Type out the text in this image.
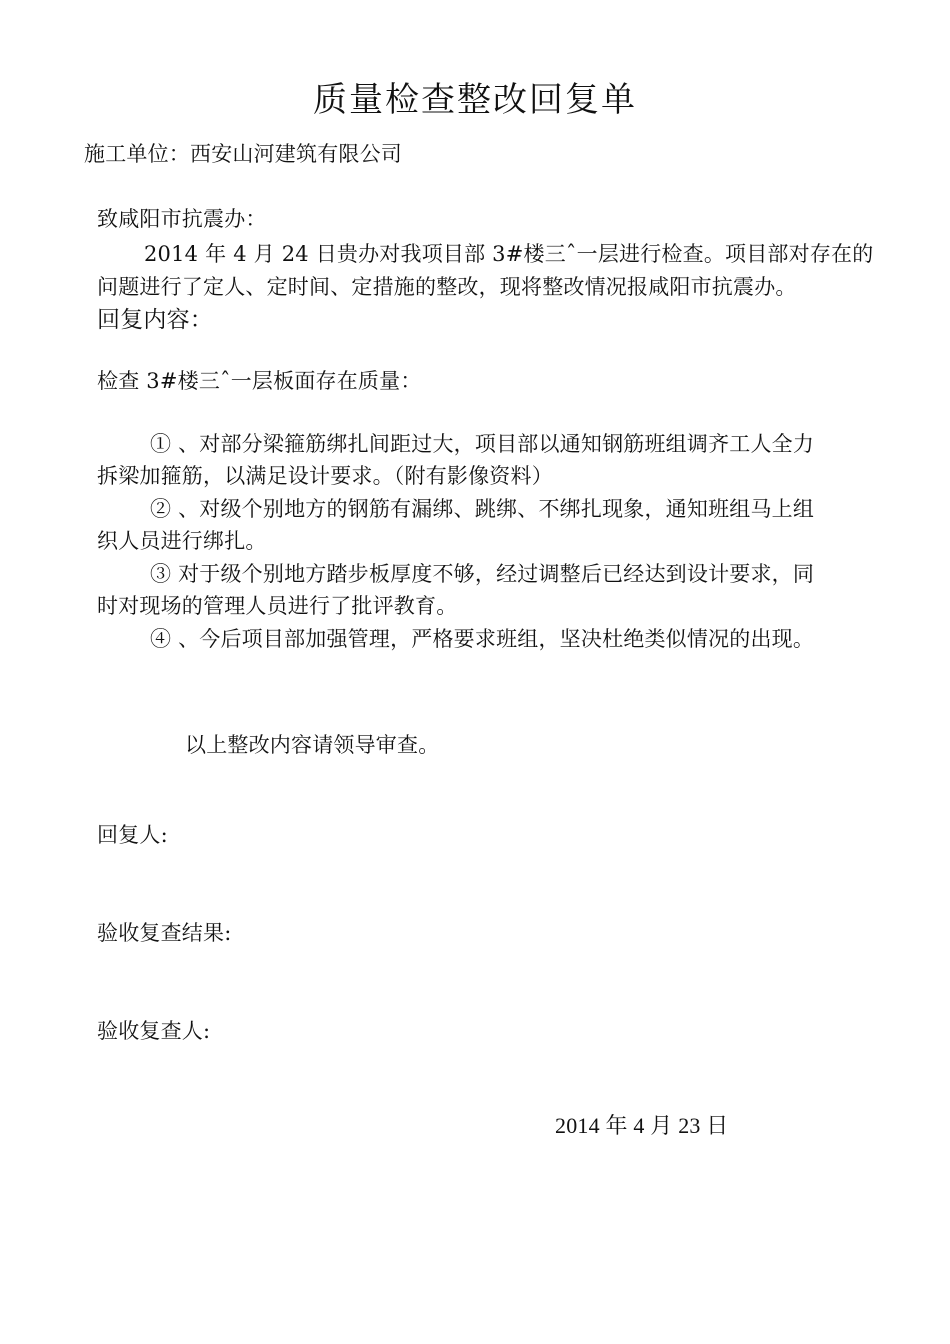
质量检查整改回复单
施工单位：西安山河建筑有限公司
致咸阳市抗震办：
2014 年 4 月 24 日贵办对我项目部 3#楼三ˆ一层进行检查。项目部对存在的
问题进行了定人、定时间、定措施的整改，现将整改情况报咸阳市抗震办。
回复内容：
检查 3#楼三ˆ一层板面存在质量：
① 、对部分梁箍筋绑扎间距过大，项目部以通知钢筋班组调齐工人全力
拆梁加箍筋，以满足设计要求。（附有影像资料）
② 、对级个别地方的钢筋有漏绑、跳绑、不绑扎现象，通知班组马上组
织人员进行绑扎。
③ 对于级个别地方踏步板厚度不够，经过调整后已经达到设计要求，同
时对现场的管理人员进行了批评教育。
④ 、今后项目部加强管理，严格要求班组，坚决杜绝类似情况的出现。
以上整改内容请领导审查。
回复人:
验收复查结果:
验收复查人:
2014 年 4 月 23 日
